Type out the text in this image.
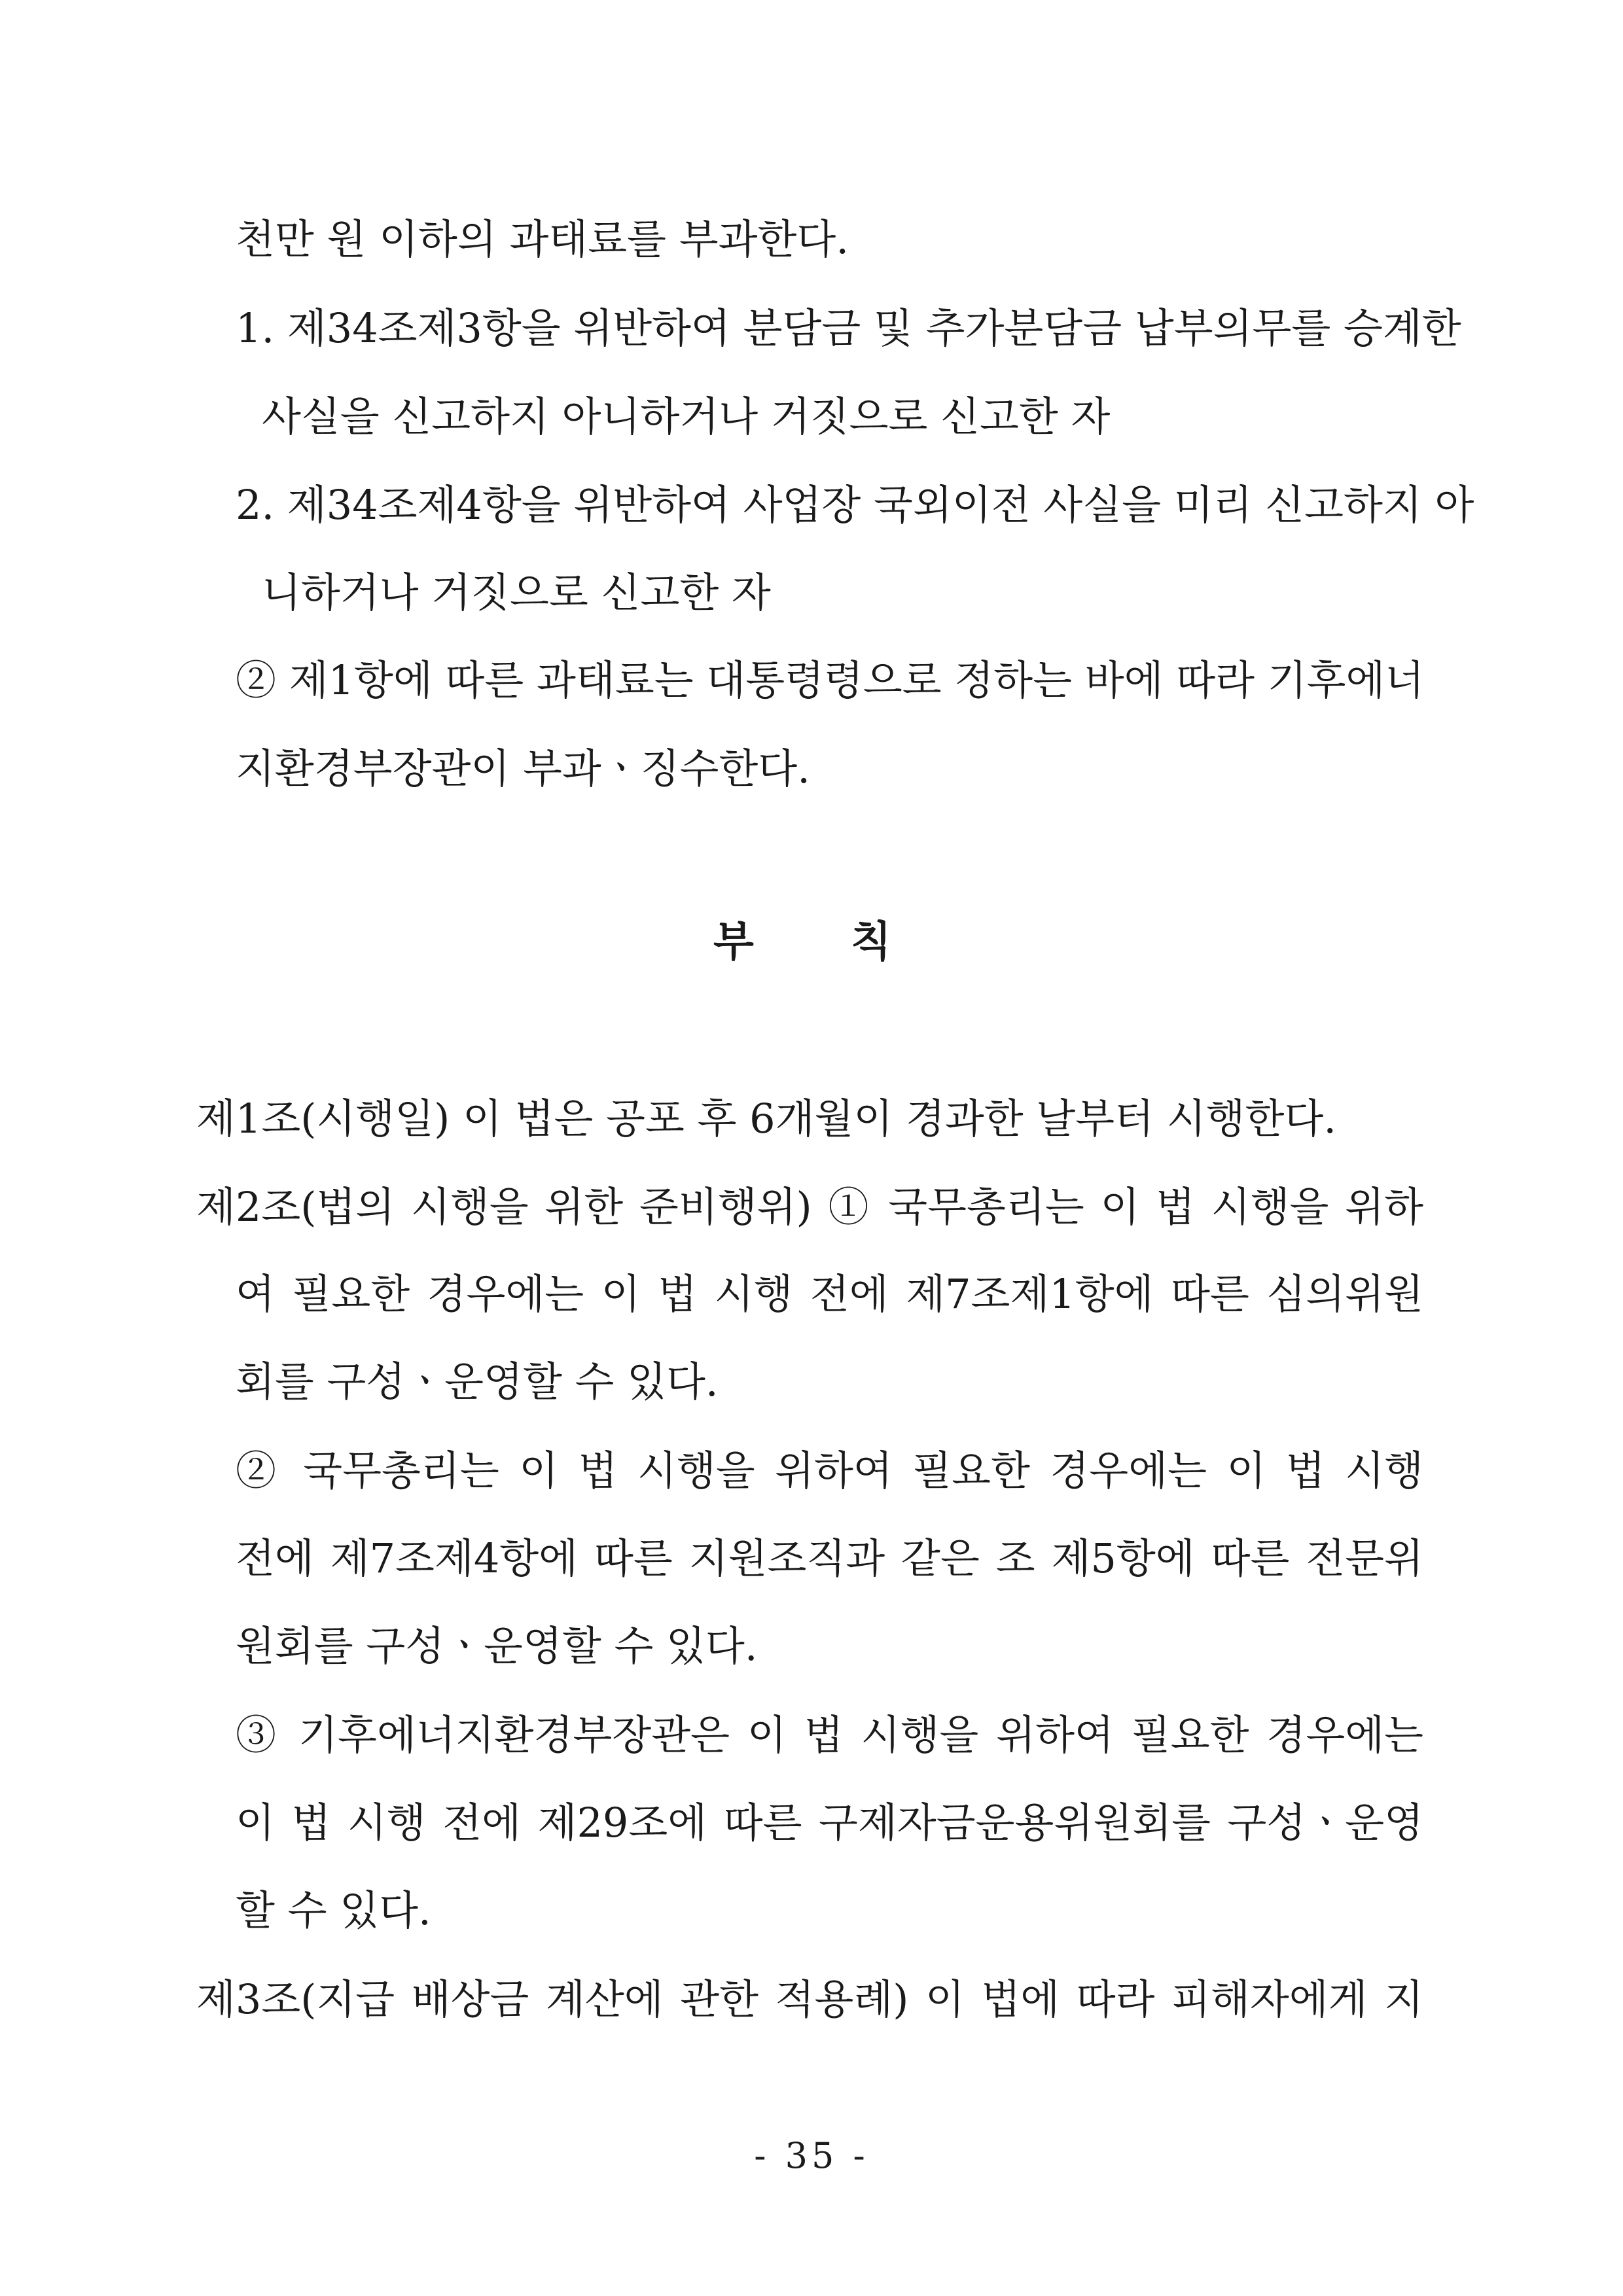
천만 원 이하의 과태료를 부과한다.
1. 제34조제3항을 위반하여 분담금 및 추가분담금 납부의무를 승계한
사실을 신고하지 아니하거나 거짓으로 신고한 자
2. 제34조제4항을 위반하여 사업장 국외이전 사실을 미리 신고하지 아
니하거나 거짓으로 신고한 자
② 제1항에 따른 과태료는 대통령령으로 정하는 바에 따라 기후에너
지환경부장관이 부과ㆍ징수한다.
부 칙
제1조(시행일) 이 법은 공포 후 6개월이 경과한 날부터 시행한다.
제2조(법의 시행을 위한 준비행위) ① 국무총리는 이 법 시행을 위하
여 필요한 경우에는 이 법 시행 전에 제7조제1항에 따른 심의위원
회를 구성ㆍ운영할 수 있다.
② 국무총리는 이 법 시행을 위하여 필요한 경우에는 이 법 시행
전에 제7조제4항에 따른 지원조직과 같은 조 제5항에 따른 전문위
원회를 구성ㆍ운영할 수 있다.
③ 기후에너지환경부장관은 이 법 시행을 위하여 필요한 경우에는
이 법 시행 전에 제29조에 따른 구제자금운용위원회를 구성ㆍ운영
할 수 있다.
제3조(지급 배상금 계산에 관한 적용례) 이 법에 따라 피해자에게 지
- 35 -
